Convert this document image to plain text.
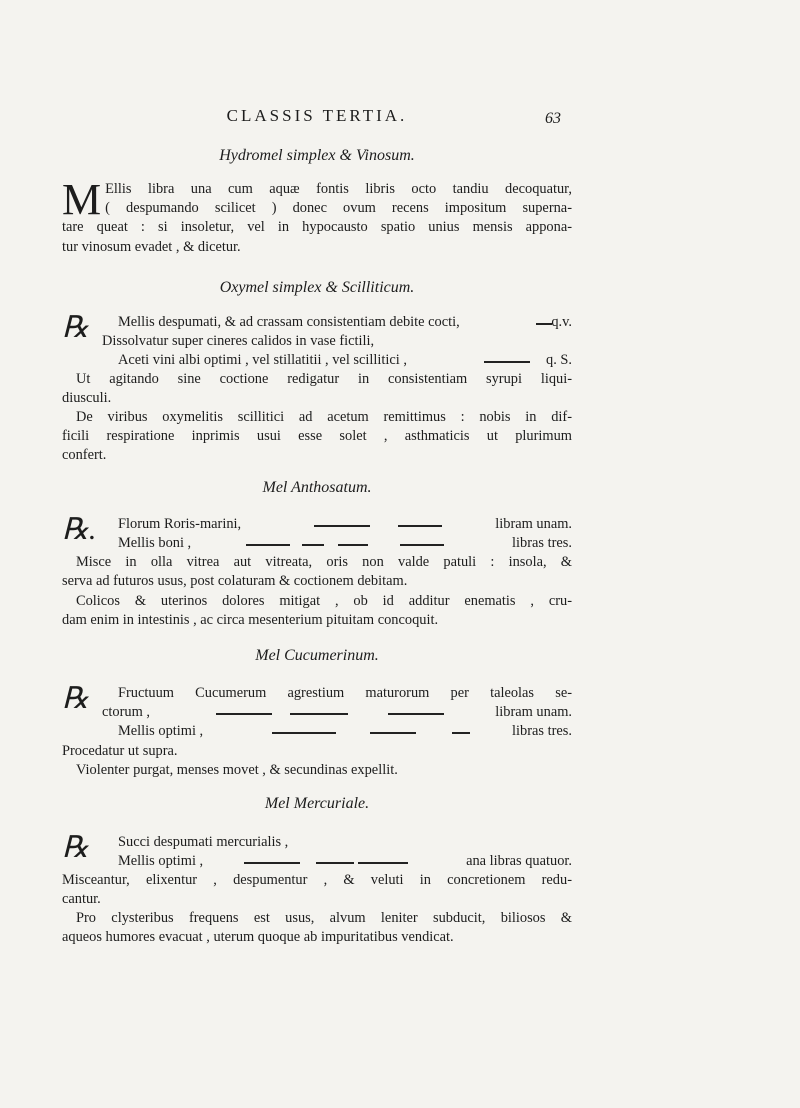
CLASSIS TERTIA.	63
Hydromel simplex & Vinosum.
M Ellis libra una cum aquæ fontis libris octo tandiu decoquatur,
( despumando scilicet ) donec ovum recens impositum superna-
tare queat : si insoletur, vel in hypocausto spatio unius mensis appona-
tur vinosum evadet , & dicetur.
Oxymel simplex & Scilliticum.
℞ Mellis despumati, & ad crassam consistentiam debite cocti,	q.v.
Dissolvatur super cineres calidos in vase fictili,
Aceti vini albi optimi , vel stillatitii , vel scillitici ,	q. S.
Ut agitando sine coctione redigatur in consistentiam syrupi liqui-
diusculi.
De viribus oxymelitis scillitici ad acetum remittimus : nobis in dif-
ficili respiratione inprimis usui esse solet , asthmaticis ut plurimum
confert.
Mel Anthosatum.
℞. Florum Roris-marini,	libram unam.
Mellis boni ,	libras tres.
Misce in olla vitrea aut vitreata, oris non valde patuli : insola, &
serva ad futuros usus, post colaturam & coctionem debitam.
Colicos & uterinos dolores mitigat , ob id additur enematis , cru-
dam enim in intestinis , ac circa mesenterium pituitam concoquit.
Mel Cucumerinum.
℞ Fructuum Cucumerum agrestium maturorum per taleolas se-
ctorum ,	libram unam.
Mellis optimi ,	libras tres.
Procedatur ut supra.
Violenter purgat, menses movet , & secundinas expellit.
Mel Mercuriale.
℞ Succi despumati mercurialis ,
Mellis optimi ,	ana libras quatuor.
Misceantur, elixentur , despumentur , & veluti in concretionem redu-
cantur.
Pro clysteribus frequens est usus, alvum leniter subducit, biliosos &
aqueos humores evacuat , uterum quoque ab impuritatibus vendicat.
